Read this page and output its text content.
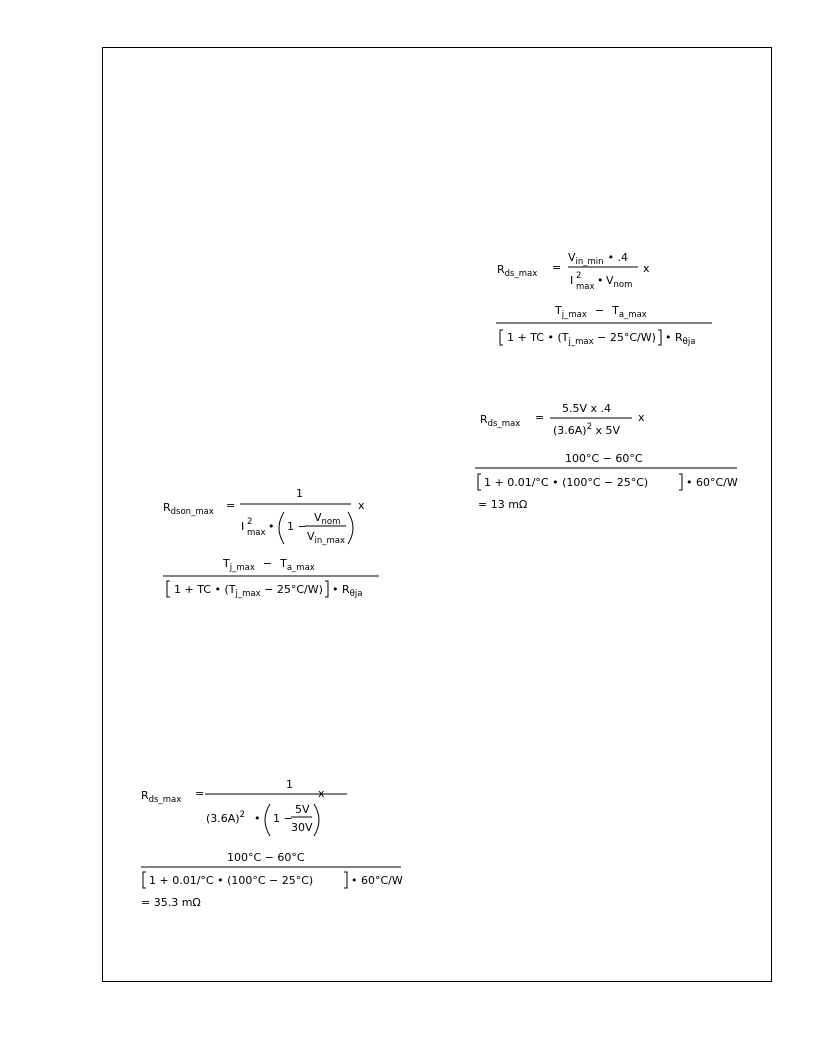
$R_{ds\_max}$ =
$V_{in\_min}$ • .4
I 2
max • $V_{nom}$
x
$T_{j\_max} - T_{a\_max}$
1 + TC • $(T_{j\_max} - 25^\circ C/W)$ • $R_{\theta ja}$
$R_{ds\_max}$ =
5.5V x .4
$(3.6A)^2$ x 5V
x
100°C − 60°C
1 + 0.01/°C • (100°C − 25°C)	• 60°C/W
= 13 mΩ
$R_{dson\_max}$ =
1
I 2
max • 1 −
$V_{nom}$
$V_{in\_max}$
x
$T_{j\_max} - T_{a\_max}$
1 + TC • $(T_{j\_max} - 25^\circ C/W)$ • $R_{\theta ja}$
$R_{ds\_max}$ =
1
$(3.6A)^2$ • 1 −
5V
30V
x
100°C − 60°C
1 + 0.01/°C • (100°C − 25°C)	• 60°C/W
= 35.3 mΩ
